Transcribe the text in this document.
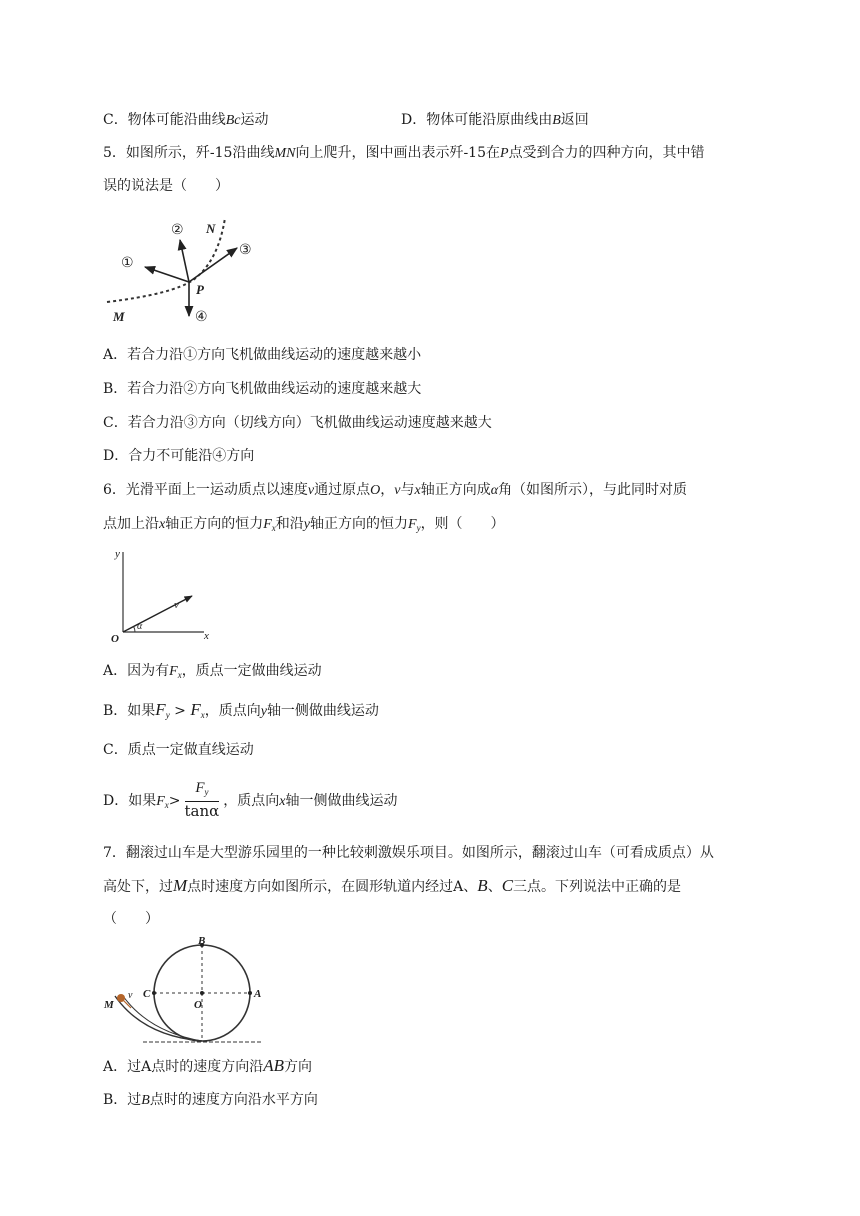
C．物体可能沿曲线Bc运动	D．物体可能沿原曲线由B返回
5．如图所示，歼-15沿曲线MN向上爬升，图中画出表示歼-15在P点受到合力的四种方向，其中错
误的说法是（　　）
①
②
③
④
N
M
P
A．若合力沿①方向飞机做曲线运动的速度越来越小
B．若合力沿②方向飞机做曲线运动的速度越来越大
C．若合力沿③方向（切线方向）飞机做曲线运动速度越来越大
D．合力不可能沿④方向
6．光滑平面上一运动质点以速度v通过原点O，v与x轴正方向成α角（如图所示），与此同时对质
点加上沿x轴正方向的恒力$F_x$和沿y轴正方向的恒力$F_y$，则（　　）
y
v
α
O	x
A．因为有$F_x$，质点一定做曲线运动
B．如果$F_y > F_x$，质点向y轴一侧做曲线运动
C．质点一定做直线运动
D．如果$F_x> \frac{F_y}{\tan\alpha}$ ，质点向x轴一侧做曲线运动
7．翻滚过山车是大型游乐园里的一种比较刺激娱乐项目。如图所示，翻滚过山车（可看成质点）从
高处下，过M点时速度方向如图所示，在圆形轨道内经过A、B、C三点。下列说法中正确的是
（　　）
B
C	A
O
M
v
A．过A点时的速度方向沿AB方向
B．过B点时的速度方向沿水平方向
